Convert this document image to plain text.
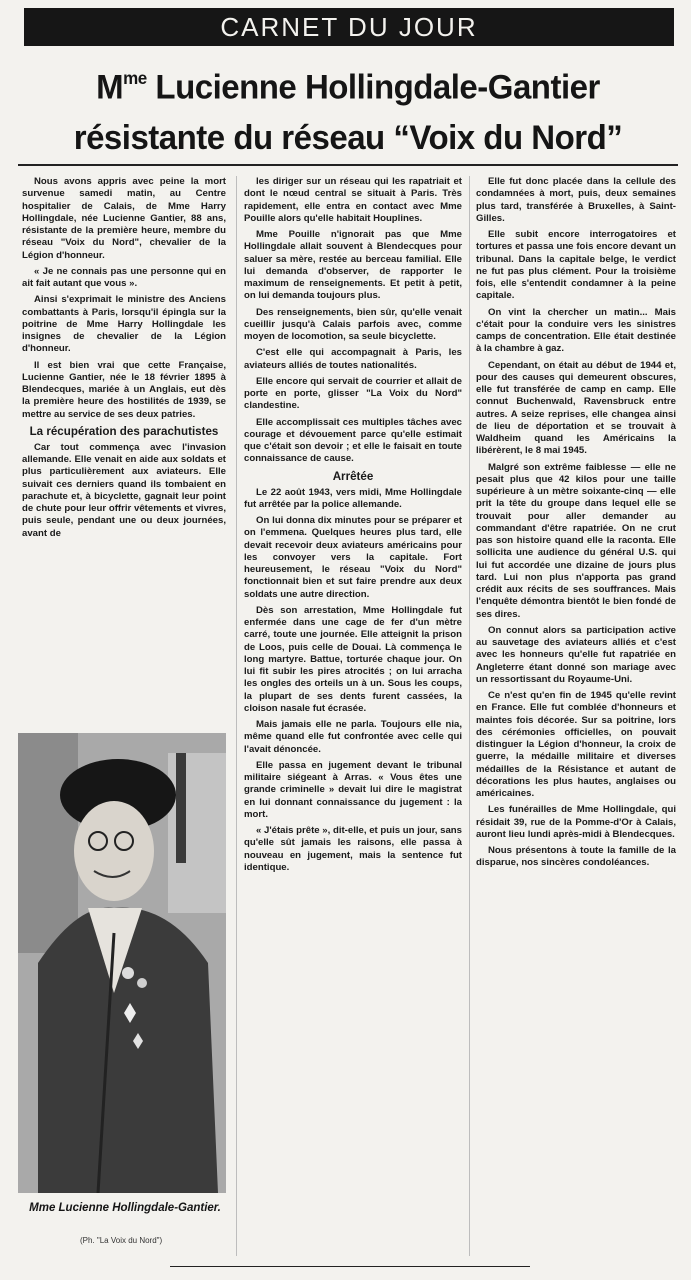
CARNET DU JOUR
$M^{me}$ Lucienne Hollingdale-Gantier
résistante du réseau “Voix du Nord”

Nous avons appris avec peine la mort survenue samedi matin, au Centre hospitalier de Calais, de Mme Harry Hollingdale, née Lucienne Gantier, 88 ans, résistante de la première heure, membre du réseau "Voix du Nord", chevalier de la Légion d'honneur.

« Je ne connais pas une personne qui en ait fait autant que vous ».

Ainsi s'exprimait le ministre des Anciens combattants à Paris, lorsqu'il épingla sur la poitrine de Mme Harry Hollingdale les insignes de chevalier de la Légion d'honneur.

Il est bien vrai que cette Française, Lucienne Gantier, née le 18 février 1895 à Blendecques, mariée à un Anglais, eut dès la première heure des hostilités de 1939, se mettre au service de ses deux patries.

La récupération des parachutistes

Car tout commença avec l'invasion allemande. Elle venait en aide aux soldats et plus particulièrement aux aviateurs. Elle suivait ces derniers quand ils tombaient en parachute et, à bicyclette, gagnait leur point de chute pour leur offrir vêtements et vivres, puis seule, pendant une ou deux journées, avant de

Mme Lucienne Hollingdale-Gantier.
(Ph. "La Voix du Nord")

les diriger sur un réseau qui les rapatriait et dont le nœud central se situait à Paris. Très rapidement, elle entra en contact avec Mme Pouille alors qu'elle habitait Houplines.

Mme Pouille n'ignorait pas que Mme Hollingdale allait souvent à Blendecques pour saluer sa mère, restée au berceau familial. Elle lui demanda d'observer, de rapporter le maximum de renseignements. Et petit à petit, on lui demanda toujours plus.

Des renseignements, bien sûr, qu'elle venait cueillir jusqu'à Calais parfois avec, comme moyen de locomotion, sa seule bicyclette.

C'est elle qui accompagnait à Paris, les aviateurs alliés de toutes nationalités.

Elle encore qui servait de courrier et allait de porte en porte, glisser "La Voix du Nord" clandestine.

Elle accomplissait ces multiples tâches avec courage et dévouement parce qu'elle estimait que c'était son devoir ; et elle le faisait en toute connaissance de cause.

Arrêtée

Le 22 août 1943, vers midi, Mme Hollingdale fut arrêtée par la police allemande.

On lui donna dix minutes pour se préparer et on l'emmena. Quelques heures plus tard, elle devait recevoir deux aviateurs américains pour les convoyer vers la capitale. Fort heureusement, le réseau "Voix du Nord" fonctionnait bien et sut faire prendre aux deux soldats une autre direction.

Dès son arrestation, Mme Hollingdale fut enfermée dans une cage de fer d'un mètre carré, toute une journée. Elle atteignit la prison de Loos, puis celle de Douai. Là commença le long martyre. Battue, torturée chaque jour. On lui fit subir les pires atrocités ; on lui arracha les ongles des orteils un à un. Sous les coups, la plupart de ses dents furent cassées, la cloison nasale fut écrasée.

Mais jamais elle ne parla. Toujours elle nia, même quand elle fut confrontée avec celle qui l'avait dénoncée.

Elle passa en jugement devant le tribunal militaire siégeant à Arras. « Vous êtes une grande criminelle » devait lui dire le magistrat en lui donnant connaissance du jugement : la mort.

« J'étais prête », dit-elle, et puis un jour, sans qu'elle sût jamais les raisons, elle passa à nouveau en jugement, mais la sentence fut identique.

Elle fut donc placée dans la cellule des condamnées à mort, puis, deux semaines plus tard, transférée à Bruxelles, à Saint-Gilles.

Elle subit encore interrogatoires et tortures et passa une fois encore devant un tribunal. Dans la capitale belge, le verdict ne fut pas plus clément. Pour la troisième fois, elle s'entendit condamner à la peine capitale.

On vint la chercher un matin... Mais c'était pour la conduire vers les sinistres camps de concentration. Elle était destinée à la chambre à gaz.

Cependant, on était au début de 1944 et, pour des causes qui demeurent obscures, elle fut transférée de camp en camp. Elle connut Buchenwald, Ravensbruck entre autres. A seize reprises, elle changea ainsi de lieu de déportation et se trouvait à Waldheim quand les Américains la libérèrent, le 8 mai 1945.

Malgré son extrême faiblesse — elle ne pesait plus que 42 kilos pour une taille supérieure à un mètre soixante-cinq — elle prit la tête du groupe dans lequel elle se trouvait pour aller demander au commandant d'être rapatriée. On ne crut pas son histoire quand elle la raconta. Elle sollicita une audience du général U.S. qui lui fut accordée une dizaine de jours plus tard. Lui non plus n'apporta pas grand crédit aux récits de ses souffrances. Mais l'enquête démontra bientôt le bien fondé de ses dires.

On connut alors sa participation active au sauvetage des aviateurs alliés et c'est avec les honneurs qu'elle fut rapatriée en Angleterre étant donné son mariage avec un ressortissant du Royaume-Uni.

Ce n'est qu'en fin de 1945 qu'elle revint en France. Elle fut comblée d'honneurs et maintes fois décorée. Sur sa poitrine, lors des cérémonies officielles, on pouvait distinguer la Légion d'honneur, la croix de guerre, la médaille militaire et diverses médailles de la Résistance et autant de décorations les plus hautes, anglaises ou américaines.

Les funérailles de Mme Hollingdale, qui résidait 39, rue de la Pomme-d'Or à Calais, auront lieu lundi après-midi à Blendecques.

Nous présentons à toute la famille de la disparue, nos sincères condoléances.
